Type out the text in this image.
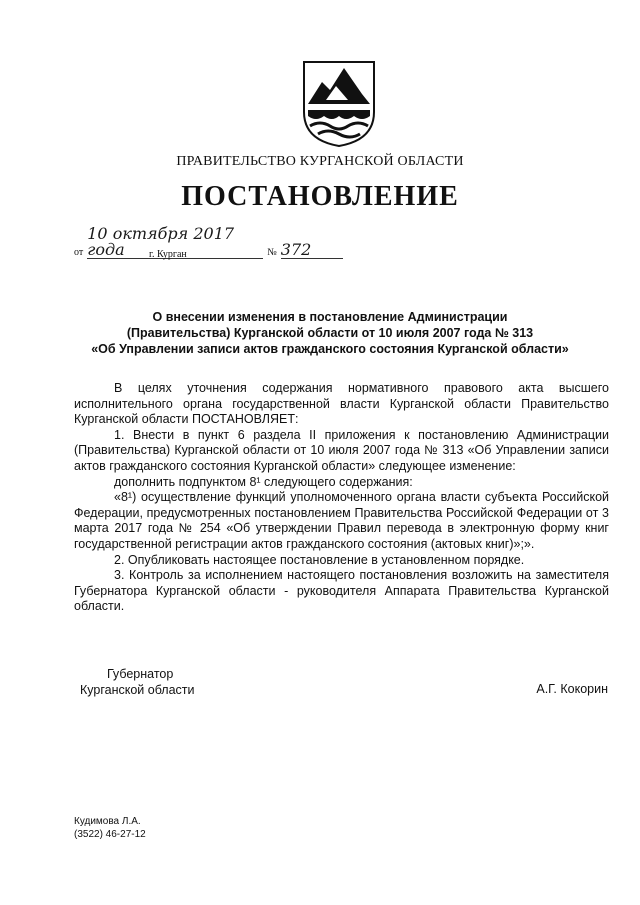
ПРАВИТЕЛЬСТВО КУРГАНСКОЙ ОБЛАСТИ
ПОСТАНОВЛЕНИЕ
от 10 октября 2017 года	№ 372
г. Курган
О внесении изменения в постановление Администрации
(Правительства) Курганской области от 10 июля 2007 года № 313
«Об Управлении записи актов гражданского состояния Курганской области»

В целях уточнения содержания нормативного правового акта высшего исполнительного органа государственной власти Курганской области Правительство Курганской области ПОСТАНОВЛЯЕТ:

1. Внести в пункт 6 раздела II приложения к постановлению Администрации (Правительства) Курганской области от 10 июля 2007 года № 313 «Об Управлении записи актов гражданского состояния Курганской области» следующее изменение:

дополнить подпунктом 8¹ следующего содержания:

«8¹) осуществление функций уполномоченного органа власти субъекта Российской Федерации, предусмотренных постановлением Правительства Российской Федерации от 3 марта 2017 года № 254 «Об утверждении Правил перевода в электронную форму книг государственной регистрации актов гражданского состояния (актовых книг)»;».

2. Опубликовать настоящее постановление в установленном порядке.

3. Контроль за исполнением настоящего постановления возложить на заместителя Губернатора Курганской области - руководителя Аппарата Правительства Курганской области.

Губернатор
Курганской области	А.Г. Кокорин
Кудимова Л.А.
(3522) 46-27-12
